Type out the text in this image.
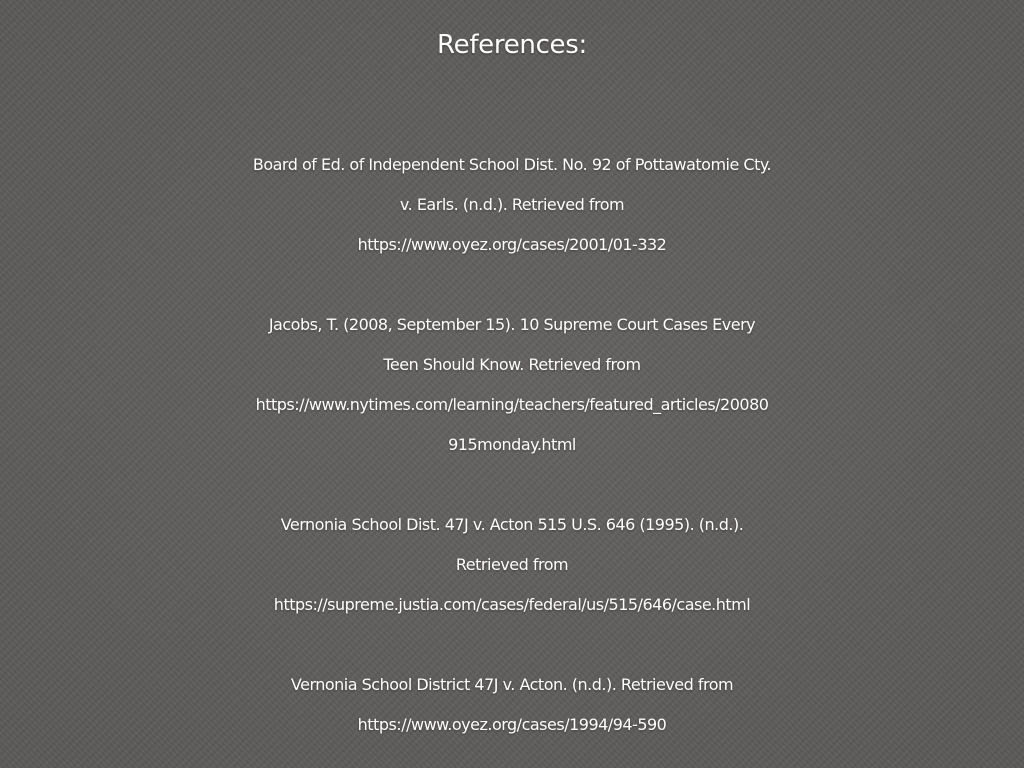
References:
Board of Ed. of Independent School Dist. No. 92 of Pottawatomie Cty.
v. Earls. (n.d.). Retrieved from
https://www.oyez.org/cases/2001/01-332
Jacobs, T. (2008, September 15). 10 Supreme Court Cases Every
Teen Should Know. Retrieved from
https://www.nytimes.com/learning/teachers/featured_articles/20080
915monday.html
Vernonia School Dist. 47J v. Acton 515 U.S. 646 (1995). (n.d.).
Retrieved from
https://supreme.justia.com/cases/federal/us/515/646/case.html
Vernonia School District 47J v. Acton. (n.d.). Retrieved from
https://www.oyez.org/cases/1994/94-590
